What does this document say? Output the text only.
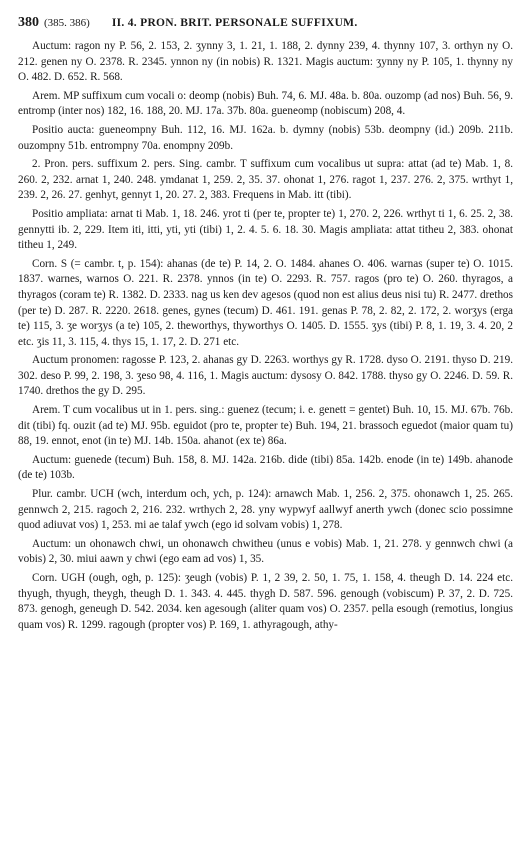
380 (385. 386) II. 4. PRON. BRIT. PERSONALE SUFFIXUM.

Auctum: ragon ny P. 56, 2. 153, 2. ʒynny 3, 1. 21, 1. 188, 2. dynny 239, 4. thynny 107, 3. orthyn ny O. 212. genen ny O. 2378. R. 2345. ynnon ny (in nobis) R. 1321. Magis auctum: ʒynny ny P. 105, 1. thynny ny O. 482. D. 652. R. 568.

Arem. MP suffixum cum vocali o: deomp (nobis) Buh. 74, 6. MJ. 48a. b. 80a. ouzomp (ad nos) Buh. 56, 9. entromp (inter nos) 182, 16. 188, 20. MJ. 17a. 37b. 80a. gueneomp (nobiscum) 208, 4.

Positio aucta: gueneompny Buh. 112, 16. MJ. 162a. b. dymny (nobis) 53b. deompny (id.) 209b. 211b. ouzompny 51b. entrompny 70a. enompny 209b.

2. Pron. pers. suffixum 2. pers. Sing. cambr. T suffixum cum vocalibus ut supra: attat (ad te) Mab. 1, 8. 260. 2, 232. arnat 1, 240. 248. ymdanat 1, 259. 2, 35. 37. ohonat 1, 276. ragot 1, 237. 276. 2, 375. wrthyt 1, 239. 2, 26. 27. genhyt, gennyt 1, 20. 27. 2, 383. Frequens in Mab. itt (tibi).

Positio ampliata: arnat ti Mab. 1, 18. 246. yrot ti (per te, propter te) 1, 270. 2, 226. wrthyt ti 1, 6. 25. 2, 38. gennytti ib. 2, 229. Item iti, itti, yti, yti (tibi) 1, 2. 4. 5. 6. 18. 30. Magis ampliata: attat titheu 2, 383. ohonat titheu 1, 249.

Corn. S (= cambr. t, p. 154): ahanas (de te) P. 14, 2. O. 1484. ahanes O. 406. warnas (super te) O. 1015. 1837. warnes, warnos O. 221. R. 2378. ynnos (in te) O. 2293. R. 757. ragos (pro te) O. 260. thyragos, a thyragos (coram te) R. 1382. D. 2333. nag us ken dev agesos (quod non est alius deus nisi tu) R. 2477. drethos (per te) D. 287. R. 2220. 2618. genes, gynes (tecum) D. 461. 191. genas P. 78, 2. 82, 2. 172, 2. worʒys (erga te) 115, 3. ʒe worʒys (a te) 105, 2. theworthys, thyworthys O. 1405. D. 1555. ʒys (tibi) P. 8, 1. 19, 3. 4. 20, 2 etc. ʒis 11, 3. 115, 4. thys 15, 1. 17, 2. D. 271 etc.

Auctum pronomen: ragosse P. 123, 2. ahanas gy D. 2263. worthys gy R. 1728. dyso O. 2191. thyso D. 219. 302. deso P. 99, 2. 198, 3. ʒeso 98, 4. 116, 1. Magis auctum: dysosy O. 842. 1788. thyso gy O. 2246. D. 59. R. 1740. drethos the gy D. 295.

Arem. T cum vocalibus ut in 1. pers. sing.: guenez (tecum; i. e. genett = gentet) Buh. 10, 15. MJ. 67b. 76b. dit (tibi) fq. ouzit (ad te) MJ. 95b. eguidot (pro te, propter te) Buh. 194, 21. brassoch eguedot (maior quam tu) 88, 19. ennot, enot (in te) MJ. 14b. 150a. ahanot (ex te) 86a.

Auctum: guenede (tecum) Buh. 158, 8. MJ. 142a. 216b. dide (tibi) 85a. 142b. enode (in te) 149b. ahanode (de te) 103b.

Plur. cambr. UCH (wch, interdum och, ych, p. 124): arnawch Mab. 1, 256. 2, 375. ohonawch 1, 25. 265. gennwch 2, 215. ragoch 2, 216. 232. wrthych 2, 28. yny wypwyf aallwyf anerth ywch (donec scio possimne quod adiuvat vos) 1, 253. mi ae talaf ywch (ego id solvam vobis) 1, 278.

Auctum: un ohonawch chwi, un ohonawch chwitheu (unus e vobis) Mab. 1, 21. 278. y gennwch chwi (a vobis) 2, 30. miui aawn y chwi (ego eam ad vos) 1, 35.

Corn. UGH (ough, ogh, p. 125): ʒeugh (vobis) P. 1, 2 39, 2. 50, 1. 75, 1. 158, 4. theugh D. 14. 224 etc. thyugh, thyugh, theygh, theugh D. 1. 343. 4. 445. thygh D. 587. 596. genough (vobiscum) P. 37, 2. D. 725. 873. genogh, geneugh D. 542. 2034. ken agesough (aliter quam vos) O. 2357. pella esough (remotius, longius quam vos) R. 1299. ragough (propter vos) P. 169, 1. athyragough, athy-
